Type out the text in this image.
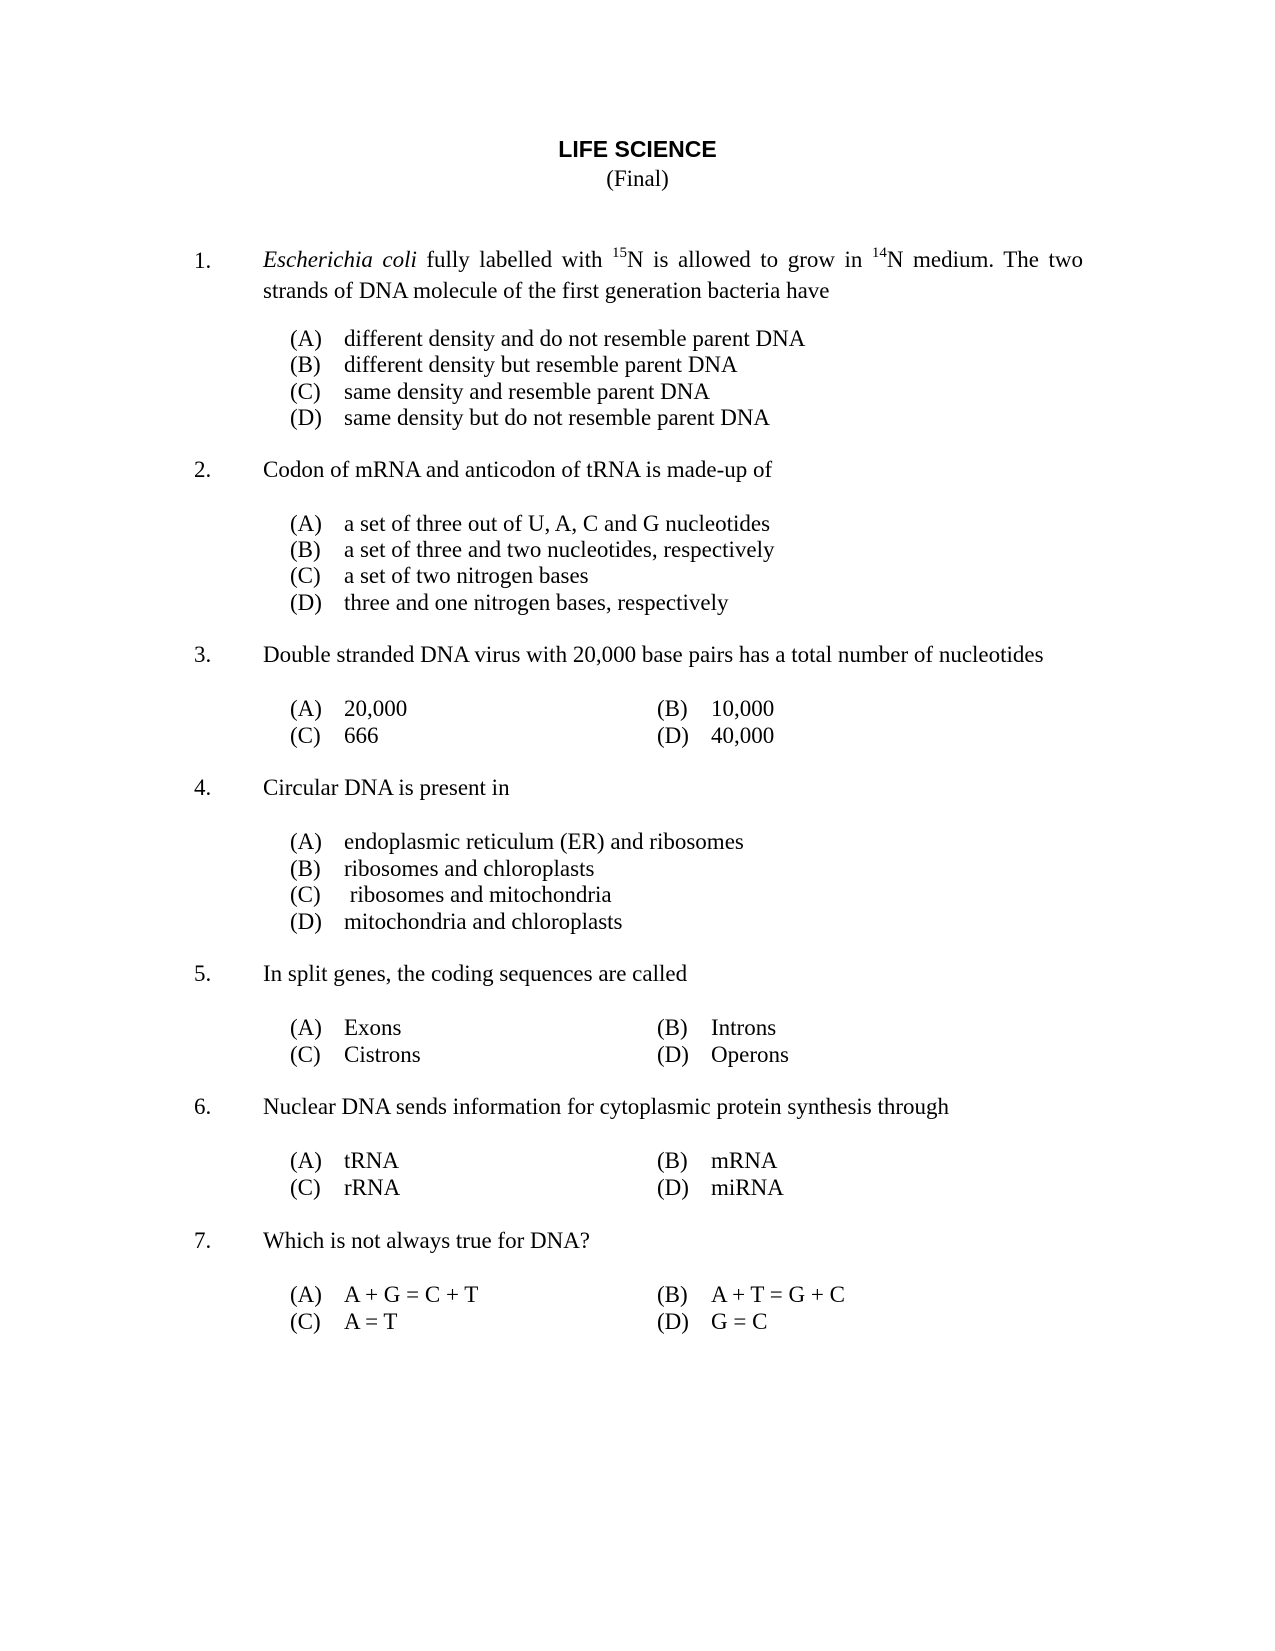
LIFE SCIENCE
(Final)
1. Escherichia coli fully labelled with $^{15}$N is allowed to grow in $^{14}$N medium. The two strands of DNA molecule of the first generation bacteria have
(A) different density and do not resemble parent DNA
(B) different density but resemble parent DNA
(C) same density and resemble parent DNA
(D) same density but do not resemble parent DNA
2. Codon of mRNA and anticodon of tRNA is made-up of
(A) a set of three out of U, A, C and G nucleotides
(B) a set of three and two nucleotides, respectively
(C) a set of two nitrogen bases
(D) three and one nitrogen bases, respectively
3. Double stranded DNA virus with 20,000 base pairs has a total number of nucleotides
(A) 20,000	(B) 10,000
(C) 666	(D) 40,000
4. Circular DNA is present in
(A) endoplasmic reticulum (ER) and ribosomes
(B) ribosomes and chloroplasts
(C) ribosomes and mitochondria
(D) mitochondria and chloroplasts
5. In split genes, the coding sequences are called
(A) Exons	(B) Introns
(C) Cistrons	(D) Operons
6. Nuclear DNA sends information for cytoplasmic protein synthesis through
(A) tRNA	(B) mRNA
(C) rRNA	(D) miRNA
7. Which is not always true for DNA?
(A) A + G = C + T	(B) A + T = G + C
(C) A = T	(D) G = C
